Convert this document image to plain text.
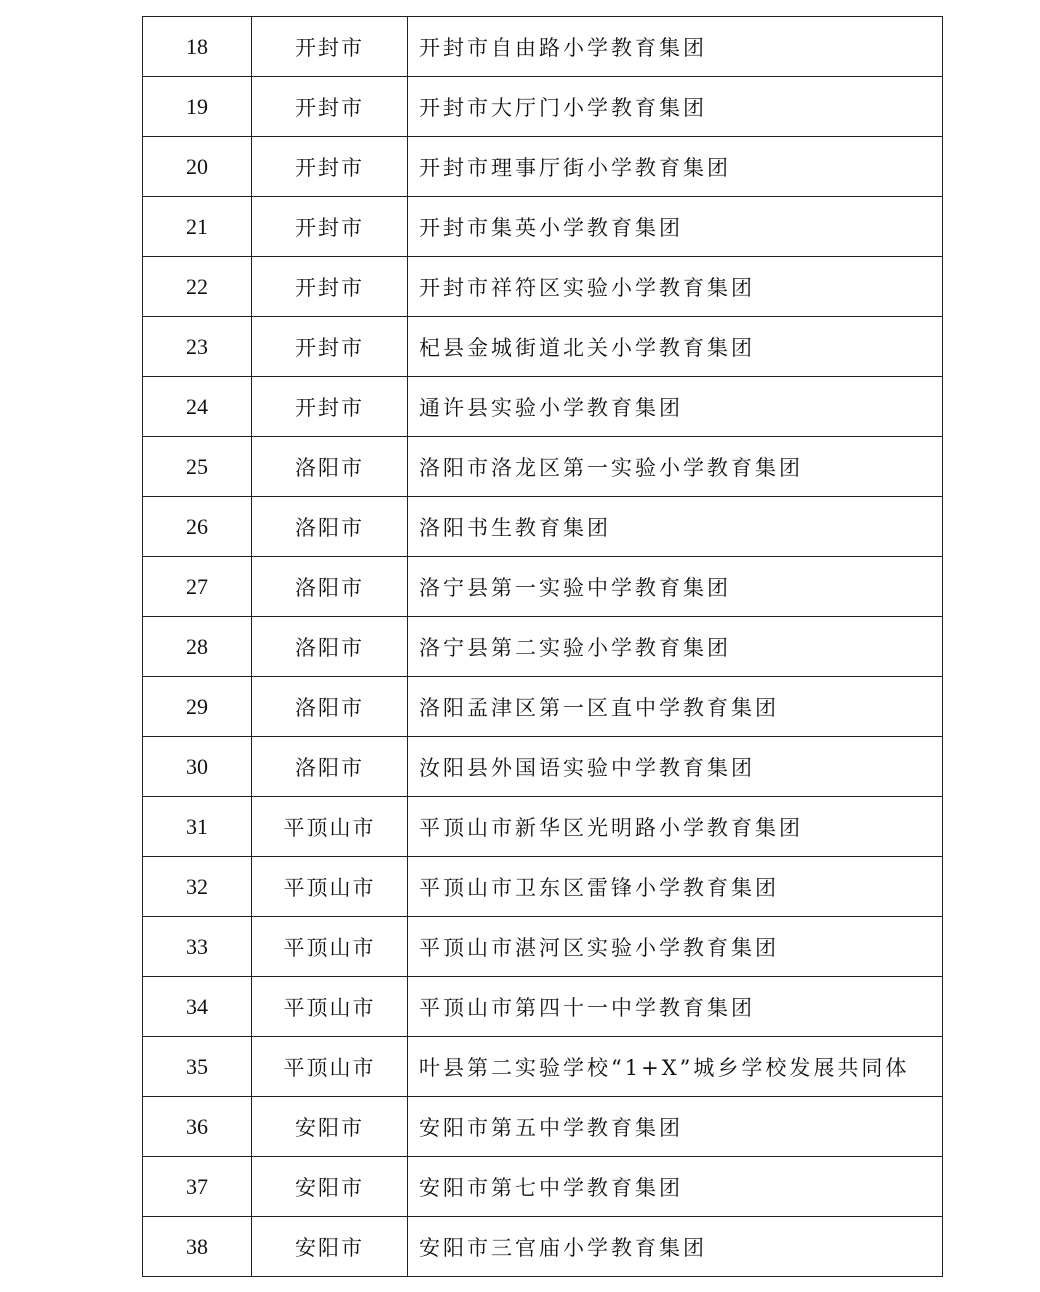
18	开封市	开封市自由路小学教育集团
19	开封市	开封市大厅门小学教育集团
20	开封市	开封市理事厅街小学教育集团
21	开封市	开封市集英小学教育集团
22	开封市	开封市祥符区实验小学教育集团
23	开封市	杞县金城街道北关小学教育集团
24	开封市	通许县实验小学教育集团
25	洛阳市	洛阳市洛龙区第一实验小学教育集团
26	洛阳市	洛阳书生教育集团
27	洛阳市	洛宁县第一实验中学教育集团
28	洛阳市	洛宁县第二实验小学教育集团
29	洛阳市	洛阳孟津区第一区直中学教育集团
30	洛阳市	汝阳县外国语实验中学教育集团
31	平顶山市	平顶山市新华区光明路小学教育集团
32	平顶山市	平顶山市卫东区雷锋小学教育集团
33	平顶山市	平顶山市湛河区实验小学教育集团
34	平顶山市	平顶山市第四十一中学教育集团
35	平顶山市	叶县第二实验学校“1+X”城乡学校发展共同体
36	安阳市	安阳市第五中学教育集团
37	安阳市	安阳市第七中学教育集团
38	安阳市	安阳市三官庙小学教育集团
